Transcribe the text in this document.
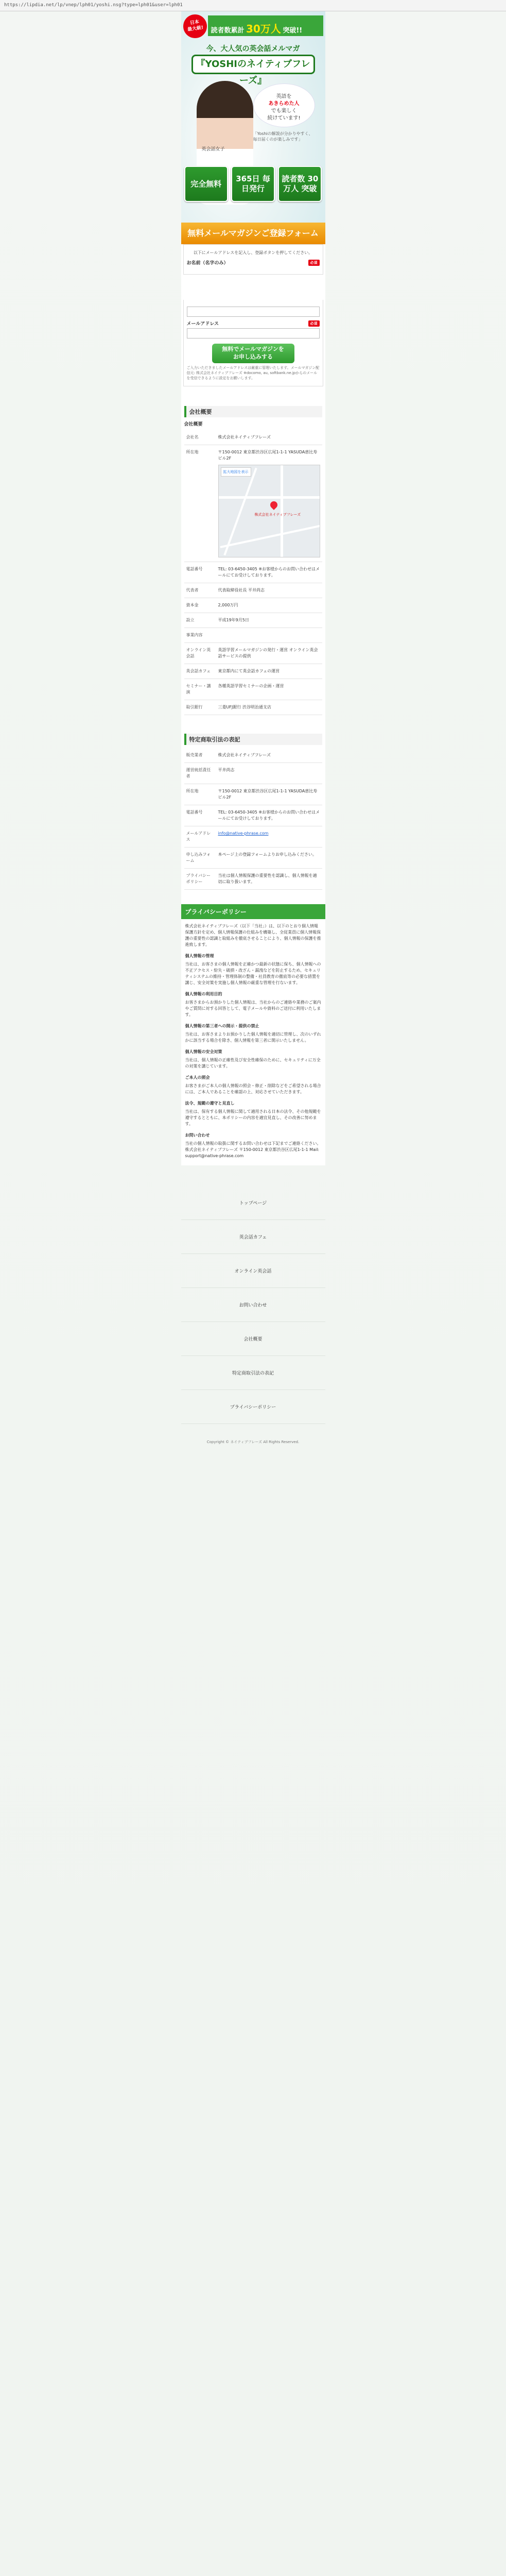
https://lipdia.net/lp/vnep/lph01/yoshi.nsg?type=lph01&user=lph01
日本
最大級!	読者数累計 30万人 突破!!
今、大人気の英会話メルマガ
『YOSHIのネイティブフレーズ』
英会話女子
英語を
あきらめた人
でも楽しく
続けています!
「Yoshiの解説が分かりやすく、毎日届くのが楽しみです」
完全無料
365日 毎日発行
読者数 30万人 突破
無料メールマガジンご登録フォーム
以下にメールアドレスを記入し、登録ボタンを押してください。
お名前（名字のみ）	必須
メールアドレス	必須
無料でメールマガジンを
お申し込みする
ご入力いただきましたメールアドレスは厳重に管理いたします。メールマガジン配信元: 株式会社ネイティブフレーズ ※docomo, au, softbank.ne.jpからのメールを受信できるように設定をお願いします。
会社概要
会社概要
会社名	株式会社ネイティブフレーズ
所在地	〒150-0012 東京都渋谷区広尾1-1-1 YASUDA恵比寿ビル2F
拡大地図を表示
株式会社ネイティブフレーズ

電話番号	TEL: 03-6450-3405 ※お客様からのお問い合わせはメールにてお受けしております。
代表者	代表取締役社長 平井尚志
資本金	2,000万円
設立	平成19年9月5日
事業内容	
オンライン英会話	英語学習メールマガジンの発行・運営 オンライン英会話サービスの提供
英会話カフェ	東京都内にて英会話カフェの運営
セミナー・講演	各種英語学習セミナーの企画・運営
取引銀行	三菱UFJ銀行 渋谷明治通支店
特定商取引法の表記
販売業者	株式会社ネイティブフレーズ
運営統括責任者	平井尚志
所在地	〒150-0012 東京都渋谷区広尾1-1-1 YASUDA恵比寿ビル2F
電話番号	TEL: 03-6450-3405 ※お客様からのお問い合わせはメールにてお受けしております。
メールアドレス	info@native-phrase.com
申し込みフォーム	本ページ上の登録フォームよりお申し込みください。
プライバシーポリシー	当社は個人情報保護の重要性を認識し、個人情報を適切に取り扱います。
プライバシーポリシー

株式会社ネイティブフレーズ（以下「当社」）は、以下のとおり個人情報保護方針を定め、個人情報保護の仕組みを構築し、全従業員に個人情報保護の重要性の認識と取組みを徹底させることにより、個人情報の保護を推進致します。

個人情報の管理

当社は、お客さまの個人情報を正確かつ最新の状態に保ち、個人情報への不正アクセス・紛失・破損・改ざん・漏洩などを防止するため、セキュリティシステムの維持・管理体制の整備・社員教育の徹底等の必要な措置を講じ、安全対策を実施し個人情報の厳重な管理を行ないます。

個人情報の利用目的

お客さまからお預かりした個人情報は、当社からのご連絡や業務のご案内やご質問に対する回答として、電子メールや資料のご送付に利用いたします。

個人情報の第三者への開示・提供の禁止

当社は、お客さまよりお預かりした個人情報を適切に管理し、次のいずれかに該当する場合を除き、個人情報を第三者に開示いたしません。

個人情報の安全対策

当社は、個人情報の正確性及び安全性確保のために、セキュリティに万全の対策を講じています。

ご本人の照会

お客さまがご本人の個人情報の照会・修正・削除などをご希望される場合には、ご本人であることを確認の上、対応させていただきます。

法令、規範の遵守と見直し

当社は、保有する個人情報に関して適用される日本の法令、その他規範を遵守するとともに、本ポリシーの内容を適宜見直し、その改善に努めます。

お問い合わせ

当社の個人情報の取扱に関するお問い合わせは下記までご連絡ください。株式会社ネイティブフレーズ 〒150-0012 東京都渋谷区広尾1-1-1 Mail: support@native-phrase.com

トップページ
英会話カフェ
オンライン英会話
お問い合わせ
会社概要
特定商取引法の表記
プライバシーポリシー
Copyright © ネイティブフレーズ All Rights Reserved.
